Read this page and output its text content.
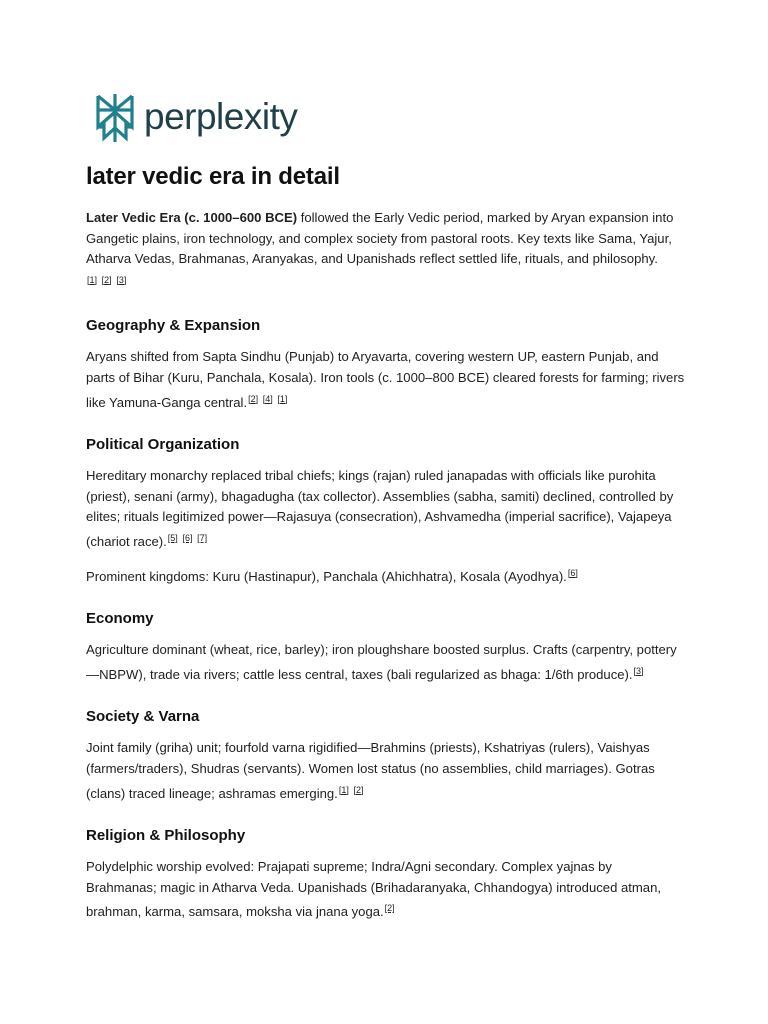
perplexity
later vedic era in detail

Later Vedic Era (c. 1000–600 BCE) followed the Early Vedic period, marked by Aryan expansion into Gangetic plains, iron technology, and complex society from pastoral roots. Key texts like Sama, Yajur, Atharva Vedas, Brahmanas, Aranyakas, and Upanishads reflect settled life, rituals, and philosophy.[1] [2] [3]

Geography & Expansion

Aryans shifted from Sapta Sindhu (Punjab) to Aryavarta, covering western UP, eastern Punjab, and parts of Bihar (Kuru, Panchala, Kosala). Iron tools (c. 1000–800 BCE) cleared forests for farming; rivers like Yamuna-Ganga central.[2] [4] [1]

Political Organization

Hereditary monarchy replaced tribal chiefs; kings (rajan) ruled janapadas with officials like purohita (priest), senani (army), bhagadugha (tax collector). Assemblies (sabha, samiti) declined, controlled by elites; rituals legitimized power—Rajasuya (consecration), Ashvamedha (imperial sacrifice), Vajapeya (chariot race).[5] [6] [7]

Prominent kingdoms: Kuru (Hastinapur), Panchala (Ahichhatra), Kosala (Ayodhya).[6]

Economy

Agriculture dominant (wheat, rice, barley); iron ploughshare boosted surplus. Crafts (carpentry, pottery—NBPW), trade via rivers; cattle less central, taxes (bali regularized as bhaga: 1/6th produce).[3]

Society & Varna

Joint family (griha) unit; fourfold varna rigidified—Brahmins (priests), Kshatriyas (rulers), Vaishyas (farmers/traders), Shudras (servants). Women lost status (no assemblies, child marriages). Gotras (clans) traced lineage; ashramas emerging.[1] [2]

Religion & Philosophy

Polydelphic worship evolved: Prajapati supreme; Indra/Agni secondary. Complex yajnas by Brahmanas; magic in Atharva Veda. Upanishads (Brihadaranyaka, Chhandogya) introduced atman, brahman, karma, samsara, moksha via jnana yoga.[2]
